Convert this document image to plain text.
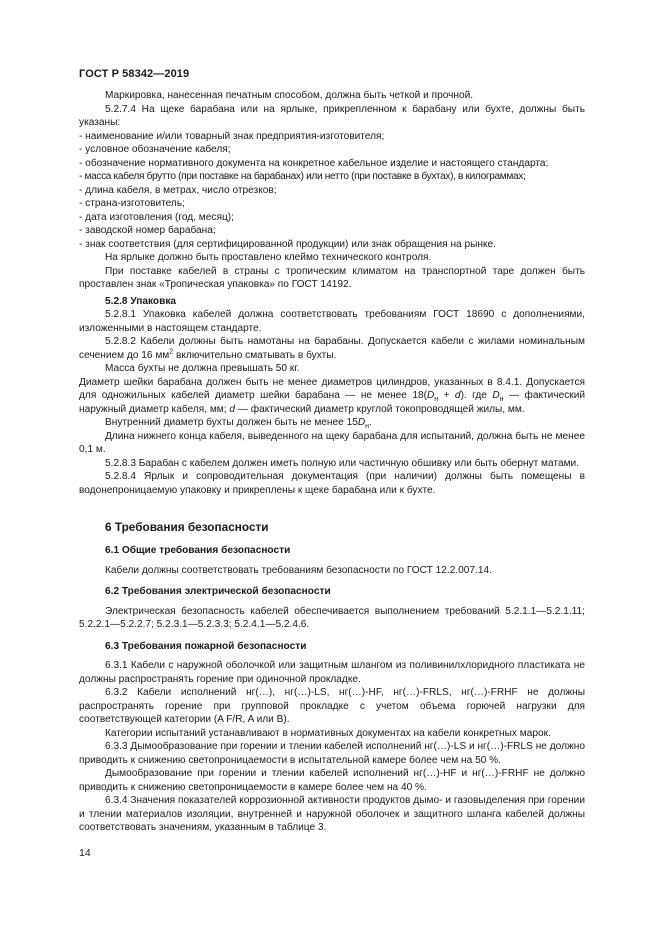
ГОСТ Р 58342—2019

Маркировка, нанесенная печатным способом, должна быть четкой и прочной.

5.2.7.4 На щеке барабана или на ярлыке, прикрепленном к барабану или бухте, должны быть указаны:

- наименование и/или товарный знак предприятия-изготовителя;

- условное обозначение кабеля;

- обозначение нормативного документа на конкретное кабельное изделие и настоящего стандарта;

- масса кабеля брутто (при поставке на барабанах) или нетто (при поставке в бухтах), в килограммах;

- длина кабеля, в метрах, число отрезков;

- страна-изготовитель;

- дата изготовления (год, месяц);

- заводской номер барабана;

- знак соответствия (для сертифицированной продукции) или знак обращения на рынке.

На ярлыке должно быть проставлено клеймо технического контроля.

При поставке кабелей в страны с тропическим климатом на транспортной таре должен быть проставлен знак «Тропическая упаковка» по ГОСТ 14192.

5.2.8 Упаковка

5.2.8.1 Упаковка кабелей должна соответствовать требованиям ГОСТ 18690 с дополнениями, изложенными в настоящем стандарте.

5.2.8.2 Кабели должны быть намотаны на барабаны. Допускается кабели с жилами номинальным сечением до 16 $мм^2$ включительно сматывать в бухты.

Масса бухты не должна превышать 50 кг.

Диаметр шейки барабана должен быть не менее диаметров цилиндров, указанных в 8.4.1. Допускается для одножильных кабелей диаметр шейки барабана — не менее $18(D_н + d)$. где $D_н$ — фактический наружный диаметр кабеля, мм; d — фактический диаметр круглой токопроводящей жилы, мм.

Внутренний диаметр бухты должен быть не менее $15D_н$.

Длина нижнего конца кабеля, выведенного на щеку барабана для испытаний, должна быть не менее 0,1 м.

5.2.8.3 Барабан с кабелем должен иметь полную или частичную обшивку или быть обернут матами.

5.2.8.4 Ярлык и сопроводительная документация (при наличии) должны быть помещены в водонепроницаемую упаковку и прикреплены к щеке барабана или к бухте.

6 Требования безопасности

6.1 Общие требования безопасности

Кабели должны соответствовать требованиям безопасности по ГОСТ 12.2.007.14.

6.2 Требования электрической безопасности

Электрическая безопасность кабелей обеспечивается выполнением требований 5.2.1.1—5.2.1.11; 5.2.2.1—5.2.2.7; 5.2.3.1—5.2.3.3; 5.2.4.1—5.2.4.6.

6.3 Требования пожарной безопасности

6.3.1 Кабели с наружной оболочкой или защитным шлангом из поливинилхлоридного пластиката не должны распространять горение при одиночной прокладке.

6.3.2 Кабели исполнений нг(…), нг(…)-LS, нг(…)-HF, нг(…)-FRLS, нг(…)-FRHF не должны распространять горение при групповой прокладке с учетом объема горючей нагрузки для соответствующей категории (A F/R, A или B).

Категории испытаний устанавливают в нормативных документах на кабели конкретных марок.

6.3.3 Дымообразование при горении и тлении кабелей исполнений нг(…)-LS и нг(…)-FRLS не должно приводить к снижению светопроницаемости в испытательной камере более чем на 50 %.

Дымообразование при горении и тлении кабелей исполнений нг(…)-HF и нг(…)-FRHF не должно приводить к снижению светопроницаемости в камере более чем на 40 %.

6.3.4 Значения показателей коррозионной активности продуктов дымо- и газовыделения при горении и тлении материалов изоляции, внутренней и наружной оболочек и защитного шланга кабелей должны соответствовать значениям, указанным в таблице 3.

14
